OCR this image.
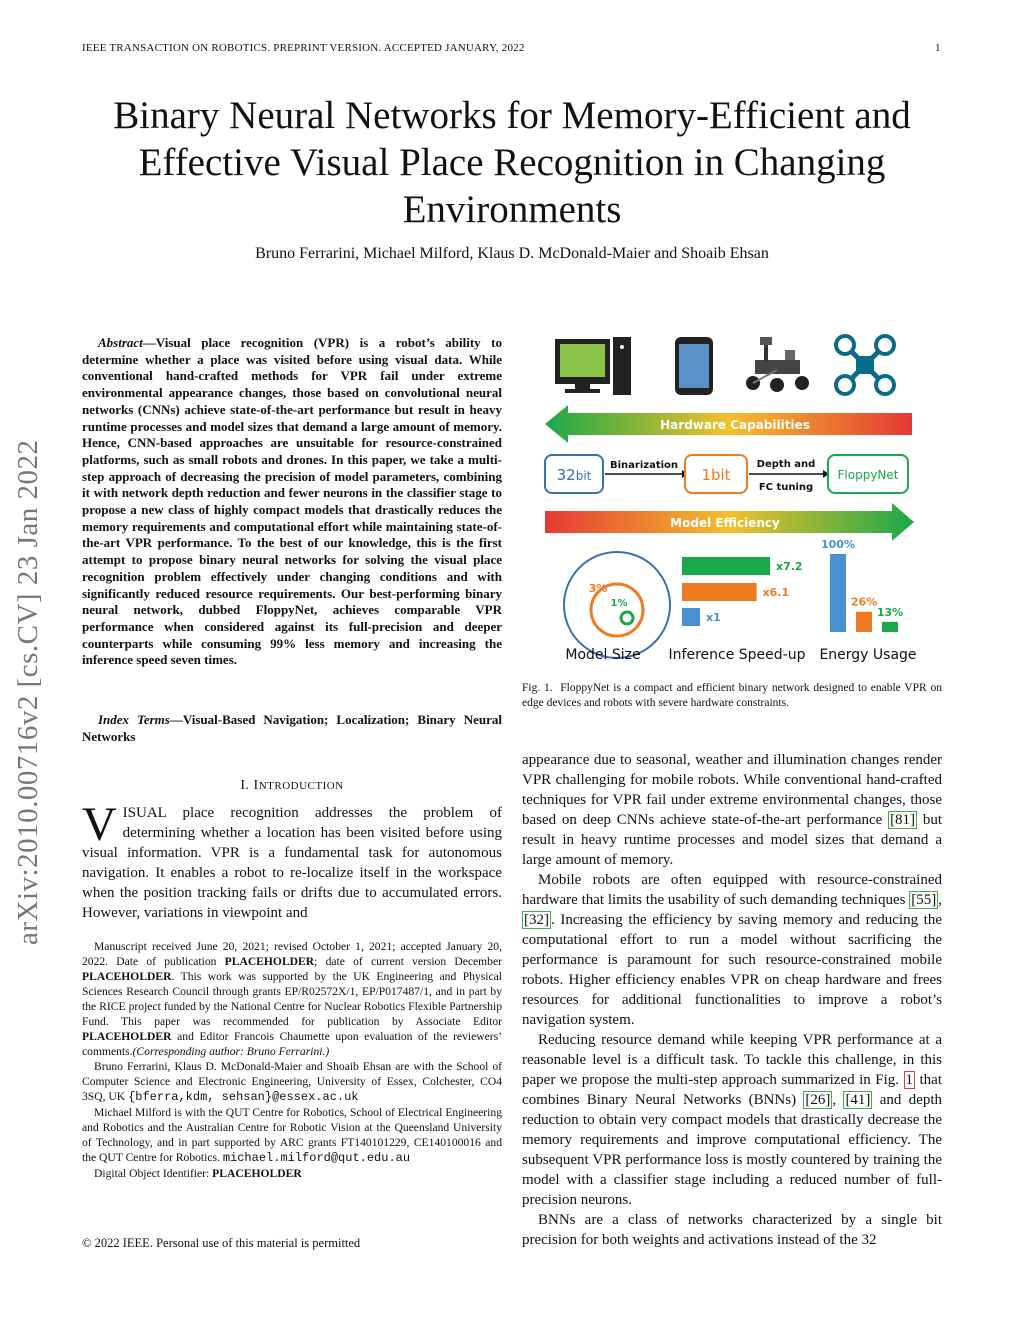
IEEE TRANSACTION ON ROBOTICS. PREPRINT VERSION. ACCEPTED JANUARY, 2022	1
Binary Neural Networks for Memory-Efficient and Effective Visual Place Recognition in Changing Environments
Bruno Ferrarini, Michael Milford, Klaus D. McDonald-Maier and Shoaib Ehsan
arXiv:2010.00716v2 [cs.CV] 23 Jan 2022
Abstract—Visual place recognition (VPR) is a robot’s ability to determine whether a place was visited before using visual data. While conventional hand-crafted methods for VPR fail under extreme environmental appearance changes, those based on convolutional neural networks (CNNs) achieve state-of-the-art performance but result in heavy runtime processes and model sizes that demand a large amount of memory. Hence, CNN-based approaches are unsuitable for resource-constrained platforms, such as small robots and drones. In this paper, we take a multi-step approach of decreasing the precision of model parameters, combining it with network depth reduction and fewer neurons in the classifier stage to propose a new class of highly compact models that drastically reduces the memory requirements and computational effort while maintaining state-of-the-art VPR performance. To the best of our knowledge, this is the first attempt to propose binary neural networks for solving the visual place recognition problem effectively under changing conditions and with significantly reduced resource requirements. Our best-performing binary neural network, dubbed FloppyNet, achieves comparable VPR performance when considered against its full-precision and deeper counterparts while consuming 99% less memory and increasing the inference speed seven times.
Index Terms—Visual-Based Navigation; Localization; Binary Neural Networks
I. INTRODUCTION
VISUAL place recognition addresses the problem of determining whether a location has been visited before using visual information. VPR is a fundamental task for autonomous navigation. It enables a robot to re-localize itself in the workspace when the position tracking fails or drifts due to accumulated errors. However, variations in viewpoint and

Manuscript received June 20, 2021; revised October 1, 2021; accepted January 20, 2022. Date of publication PLACEHOLDER; date of current version December PLACEHOLDER. This work was supported by the UK Engineering and Physical Sciences Research Council through grants EP/R02572X/1, EP/P017487/1, and in part by the RICE project funded by the National Centre for Nuclear Robotics Flexible Partnership Fund. This paper was recommended for publication by Associate Editor PLACEHOLDER and Editor Francois Chaumette upon evaluation of the reviewers’ comments.(Corresponding author: Bruno Ferrarini.)

Bruno Ferrarini, Klaus D. McDonald-Maier and Shoaib Ehsan are with the School of Computer Science and Electronic Engineering, University of Essex, Colchester, CO4 3SQ, UK {bferra,kdm, sehsan}@essex.ac.uk

Michael Milford is with the QUT Centre for Robotics, School of Electrical Engineering and Robotics and the Australian Centre for Robotic Vision at the Queensland University of Technology, and in part supported by ARC grants FT140101229, CE140100016 and the QUT Centre for Robotics. michael.milford@qut.edu.au

Digital Object Identifier: PLACEHOLDER

© 2022 IEEE. Personal use of this material is permitted
Hardware Capabilities
32bit
Binarization
1bit
Depth and
FC tuning
FloppyNet
Model Efficiency
3%
1%
x7.2
x6.1
x1
100%
26%
13%
Model Size Inference Speed-up Energy Usage
Fig. 1. FloppyNet is a compact and efficient binary network designed to enable VPR on edge devices and robots with severe hardware constraints.

appearance due to seasonal, weather and illumination changes render VPR challenging for mobile robots. While conventional hand-crafted techniques for VPR fail under extreme environmental changes, those based on deep CNNs achieve state-of-the-art performance [81] but result in heavy runtime processes and model sizes that demand a large amount of memory.

Mobile robots are often equipped with resource-constrained hardware that limits the usability of such demanding techniques [55] , [32] . Increasing the efficiency by saving memory and reducing the computational effort to run a model without sacrificing the performance is paramount for such resource-constrained mobile robots. Higher efficiency enables VPR on cheap hardware and frees resources for additional functionalities to improve a robot’s navigation system.

Reducing resource demand while keeping VPR performance at a reasonable level is a difficult task. To tackle this challenge, in this paper we propose the multi-step approach summarized in Fig. 1 that combines Binary Neural Networks (BNNs) [26] , [41] and depth reduction to obtain very compact models that drastically decrease the memory requirements and improve computational efficiency. The subsequent VPR performance loss is mostly countered by training the model with a classifier stage including a reduced number of full-precision neurons.

BNNs are a class of networks characterized by a single bit precision for both weights and activations instead of the 32
